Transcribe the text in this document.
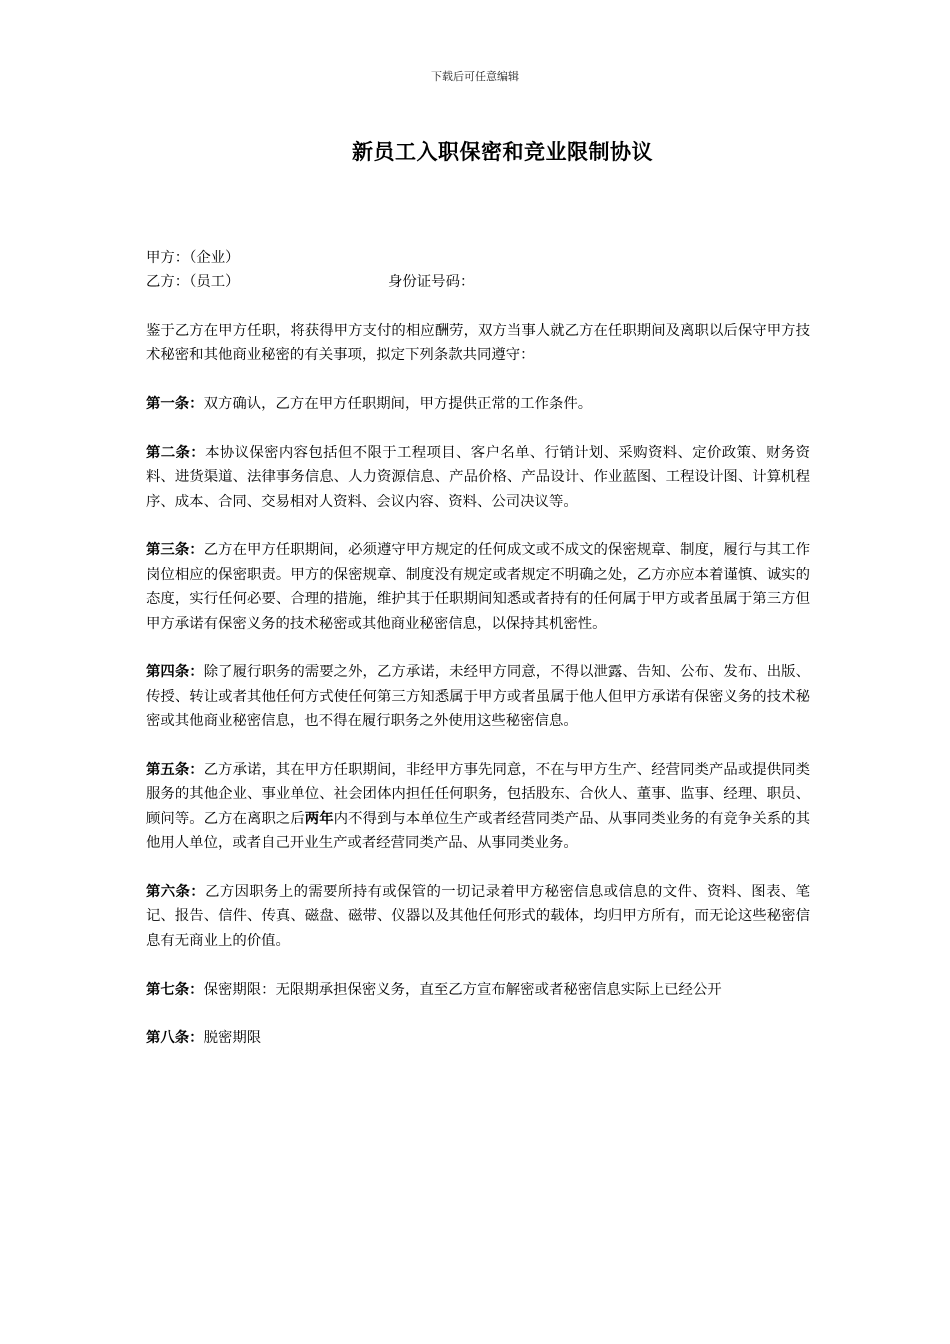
下载后可任意编辑
新员工入职保密和竞业限制协议

甲方：（企业）

乙方：（员工）	身份证号码：

鉴于乙方在甲方任职，将获得甲方支付的相应酬劳，双方当事人就乙方在任职期间及离职以后保守甲方技术秘密和其他商业秘密的有关事项，拟定下列条款共同遵守：

第一条：双方确认，乙方在甲方任职期间，甲方提供正常的工作条件。

第二条：本协议保密内容包括但不限于工程项目、客户名单、行销计划、采购资料、定价政策、财务资料、进货渠道、法律事务信息、人力资源信息、产品价格、产品设计、作业蓝图、工程设计图、计算机程序、成本、合同、交易相对人资料、会议内容、资料、公司决议等。

第三条：乙方在甲方任职期间，必须遵守甲方规定的任何成文或不成文的保密规章、制度，履行与其工作岗位相应的保密职责。甲方的保密规章、制度没有规定或者规定不明确之处，乙方亦应本着谨慎、诚实的态度，实行任何必要、合理的措施，维护其于任职期间知悉或者持有的任何属于甲方或者虽属于第三方但甲方承诺有保密义务的技术秘密或其他商业秘密信息，以保持其机密性。

第四条：除了履行职务的需要之外，乙方承诺，未经甲方同意，不得以泄露、告知、公布、发布、出版、传授、转让或者其他任何方式使任何第三方知悉属于甲方或者虽属于他人但甲方承诺有保密义务的技术秘密或其他商业秘密信息，也不得在履行职务之外使用这些秘密信息。

第五条：乙方承诺，其在甲方任职期间，非经甲方事先同意，不在与甲方生产、经营同类产品或提供同类服务的其他企业、事业单位、社会团体内担任任何职务，包括股东、合伙人、董事、监事、经理、职员、顾问等。乙方在离职之后两年内不得到与本单位生产或者经营同类产品、从事同类业务的有竞争关系的其他用人单位，或者自己开业生产或者经营同类产品、从事同类业务。

第六条：乙方因职务上的需要所持有或保管的一切记录着甲方秘密信息或信息的文件、资料、图表、笔记、报告、信件、传真、磁盘、磁带、仪器以及其他任何形式的载体，均归甲方所有，而无论这些秘密信息有无商业上的价值。

第七条：保密期限：无限期承担保密义务，直至乙方宣布解密或者秘密信息实际上已经公开

第八条：脱密期限
